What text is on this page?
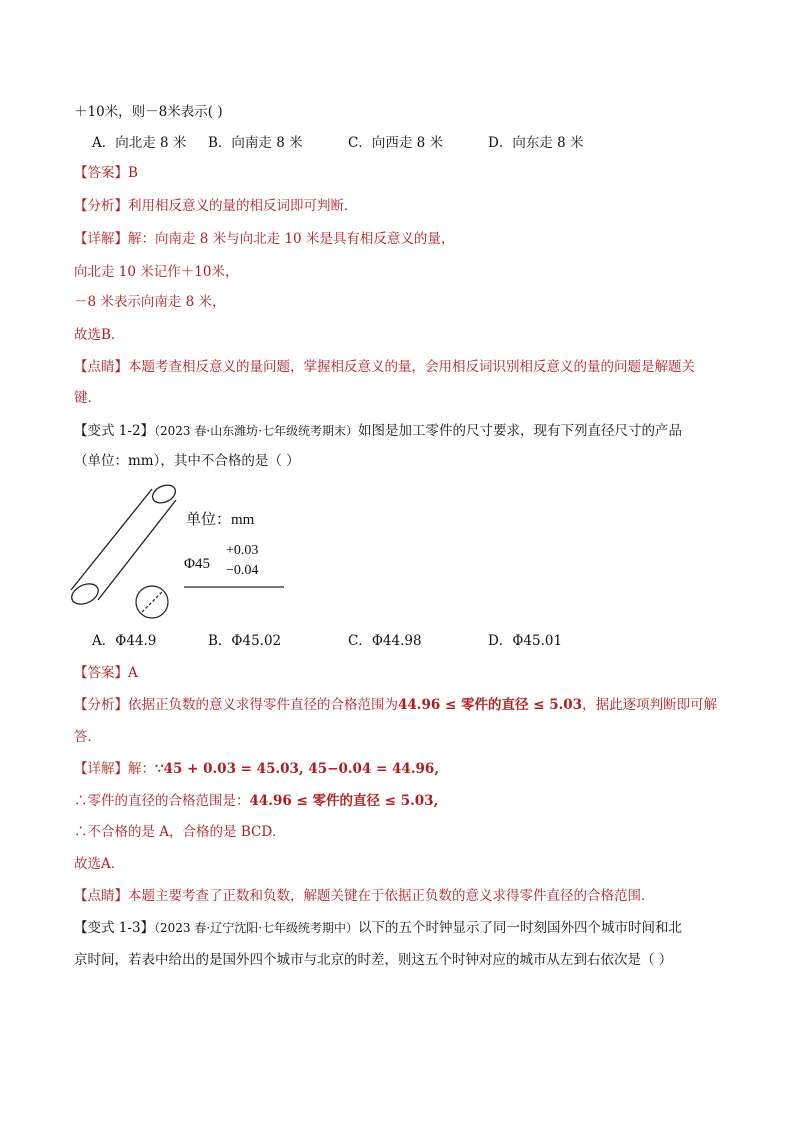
＋10米，则－8米表示( )
A．向北走 8 米 B．向南走 8 米	C．向西走 8 米	D．向东走 8 米
【答案】B
【分析】利用相反意义的量的相反词即可判断．
【详解】解：向南走 8 米与向北走 10 米是具有相反意义的量，
向北走 10 米记作＋10米，
－8 米表示向南走 8 米，
故选B．
【点睛】本题考查相反意义的量问题，掌握相反意义的量，会用相反词识别相反意义的量的问题是解题关
键．
【变式 1-2】（2023 春·山东潍坊·七年级统考期末）如图是加工零件的尺寸要求，现有下列直径尺寸的产品
（单位：mm），其中不合格的是（ ）
单位：mm
Φ45
+0.03
−0.04
A．Φ44.9	B．Φ45.02	C．Φ44.98	D．Φ45.01
【答案】A
【分析】依据正负数的意义求得零件直径的合格范围为44.96 ≤ 零件的直径 ≤ 5.03，据此逐项判断即可解
答．
【详解】解：∵45 + 0.03 = 45.03, 45−0.04 = 44.96,
∴零件的直径的合格范围是：44.96 ≤ 零件的直径 ≤ 5.03,
∴不合格的是 A，合格的是 BCD．
故选A．
【点睛】本题主要考查了正数和负数，解题关键在于依据正负数的意义求得零件直径的合格范围．
【变式 1-3】（2023 春·辽宁沈阳·七年级统考期中）以下的五个时钟显示了同一时刻国外四个城市时间和北
京时间，若表中给出的是国外四个城市与北京的时差，则这五个时钟对应的城市从左到右依次是（ ）
